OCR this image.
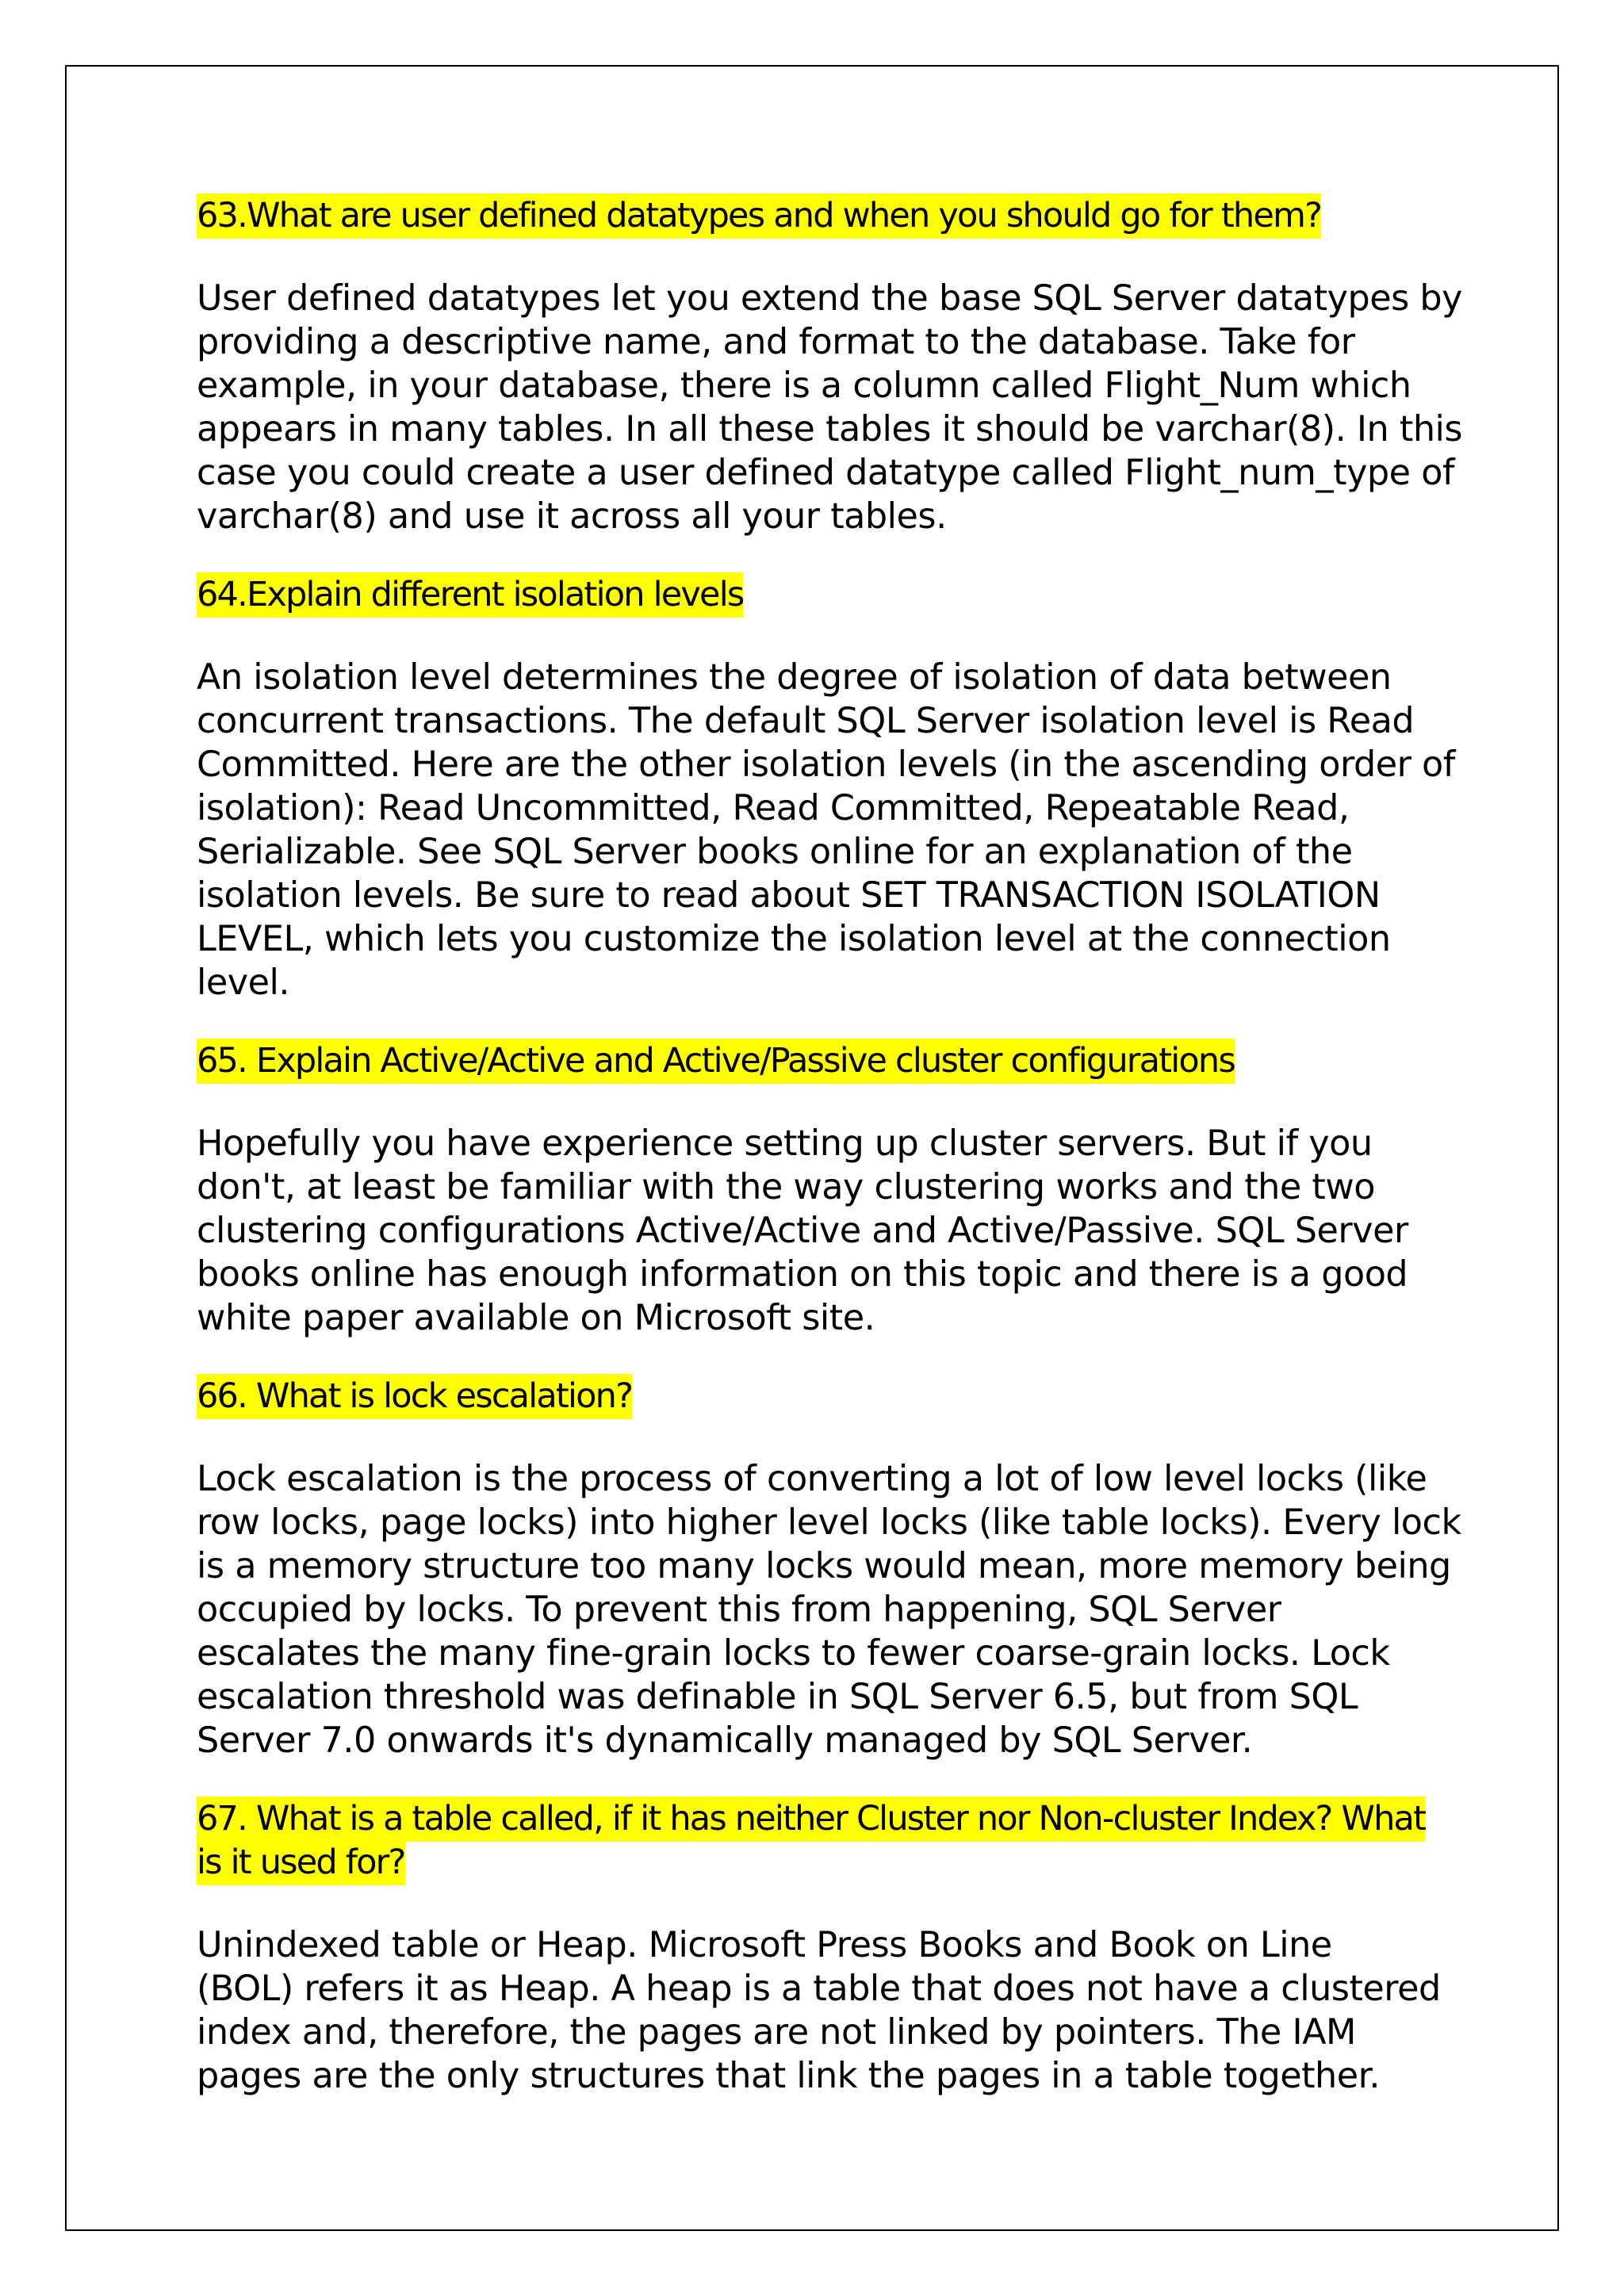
63.What are user defined datatypes and when you should go for them?

User defined datatypes let you extend the base SQL Server datatypes by
providing a descriptive name, and format to the database. Take for
example, in your database, there is a column called Flight_Num which
appears in many tables. In all these tables it should be varchar(8). In this
case you could create a user defined datatype called Flight_num_type of
varchar(8) and use it across all your tables.

64.Explain different isolation levels

An isolation level determines the degree of isolation of data between
concurrent transactions. The default SQL Server isolation level is Read
Committed. Here are the other isolation levels (in the ascending order of
isolation): Read Uncommitted, Read Committed, Repeatable Read,
Serializable. See SQL Server books online for an explanation of the
isolation levels. Be sure to read about SET TRANSACTION ISOLATION
LEVEL, which lets you customize the isolation level at the connection
level.

65. Explain Active/Active and Active/Passive cluster configurations

Hopefully you have experience setting up cluster servers. But if you
don't, at least be familiar with the way clustering works and the two
clustering configurations Active/Active and Active/Passive. SQL Server
books online has enough information on this topic and there is a good
white paper available on Microsoft site.

66. What is lock escalation?

Lock escalation is the process of converting a lot of low level locks (like
row locks, page locks) into higher level locks (like table locks). Every lock
is a memory structure too many locks would mean, more memory being
occupied by locks. To prevent this from happening, SQL Server
escalates the many fine-grain locks to fewer coarse-grain locks. Lock
escalation threshold was definable in SQL Server 6.5, but from SQL
Server 7.0 onwards it's dynamically managed by SQL Server.

67. What is a table called, if it has neither Cluster nor Non-cluster Index? What is it used for?

Unindexed table or Heap. Microsoft Press Books and Book on Line
(BOL) refers it as Heap. A heap is a table that does not have a clustered
index and, therefore, the pages are not linked by pointers. The IAM
pages are the only structures that link the pages in a table together.
